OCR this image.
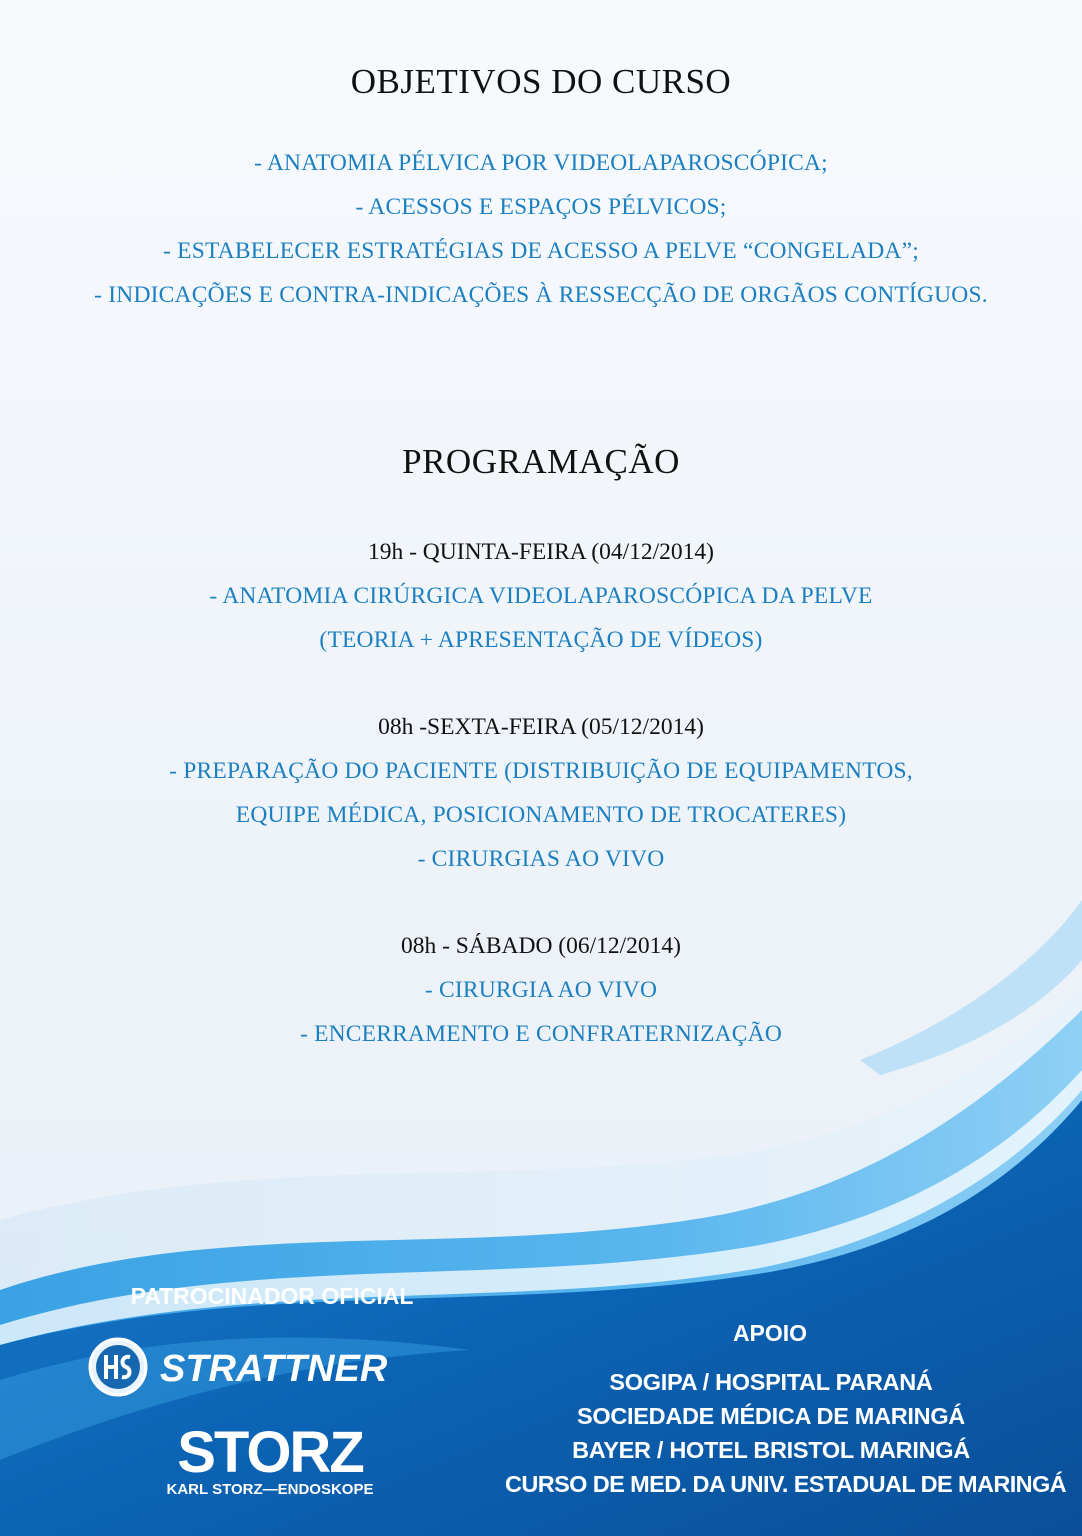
OBJETIVOS DO CURSO
- ANATOMIA PÉLVICA POR VIDEOLAPAROSCÓPICA;
- ACESSOS E ESPAÇOS PÉLVICOS;
- ESTABELECER ESTRATÉGIAS DE ACESSO A PELVE “CONGELADA”;
- INDICAÇÕES E CONTRA-INDICAÇÕES À RESSECÇÃO DE ORGÃOS CONTÍGUOS.
PROGRAMAÇÃO
19h - QUINTA-FEIRA (04/12/2014)
- ANATOMIA CIRÚRGICA VIDEOLAPAROSCÓPICA DA PELVE
(TEORIA + APRESENTAÇÃO DE VÍDEOS)
08h -SEXTA-FEIRA (05/12/2014)
- PREPARAÇÃO DO PACIENTE (DISTRIBUIÇÃO DE EQUIPAMENTOS,
EQUIPE MÉDICA, POSICIONAMENTO DE TROCATERES)
- CIRURGIAS AO VIVO
08h - SÁBADO (06/12/2014)
- CIRURGIA AO VIVO
- ENCERRAMENTO E CONFRATERNIZAÇÃO
PATROCINADOR OFICIAL
STRATTNER
STORZ
KARL STORZ—ENDOSKOPE
APOIO
SOGIPA / HOSPITAL PARANÁ
SOCIEDADE MÉDICA DE MARINGÁ
BAYER / HOTEL BRISTOL MARINGÁ
CURSO DE MED. DA UNIV. ESTADUAL DE MARINGÁ
